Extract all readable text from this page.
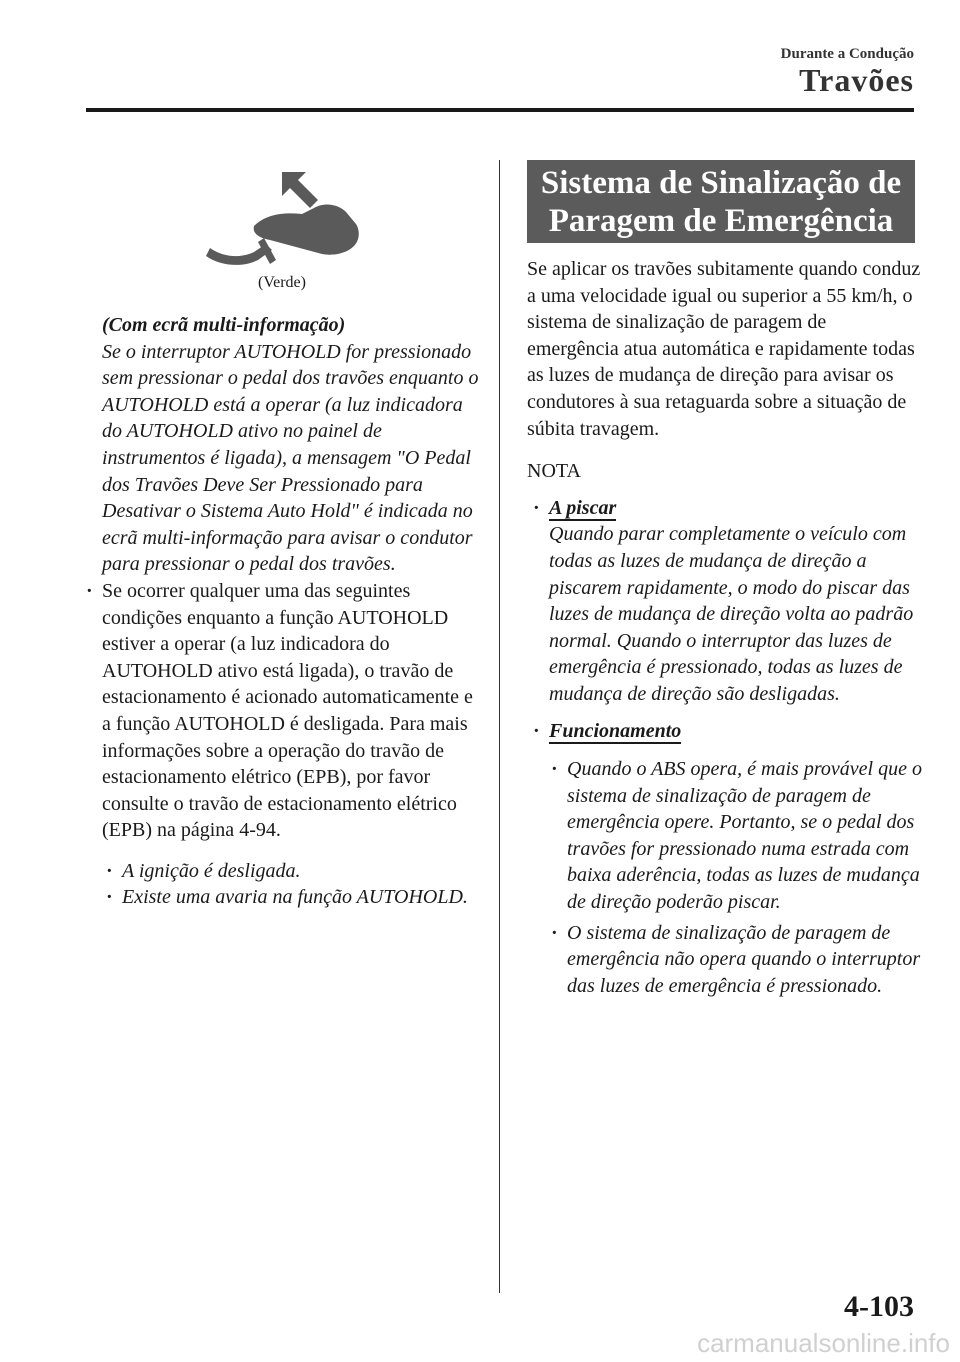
Durante a Condução
Travões
(Verde)

(Com ecrã multi-informação)

Se o interruptor AUTOHOLD for pressionado sem pressionar o pedal dos travões enquanto o AUTOHOLD está a operar (a luz indicadora do AUTOHOLD ativo no painel de instrumentos é ligada), a mensagem "O Pedal dos Travões Deve Ser Pressionado para Desativar o Sistema Auto Hold" é indicada no ecrã multi-informação para avisar o condutor para pressionar o pedal dos travões.

· Se ocorrer qualquer uma das seguintes condições enquanto a função AUTOHOLD estiver a operar (a luz indicadora do AUTOHOLD ativo está ligada), o travão de estacionamento é acionado automaticamente e a função AUTOHOLD é desligada. Para mais informações sobre a operação do travão de estacionamento elétrico (EPB), por favor consulte o travão de estacionamento elétrico (EPB) na página 4-94.

· A ignição é desligada.

· Existe uma avaria na função AUTOHOLD.

Sistema de Sinalização de
Paragem de Emergência

Se aplicar os travões subitamente quando conduz a uma velocidade igual ou superior a 55 km/h, o sistema de sinalização de paragem de emergência atua automática e rapidamente todas as luzes de mudança de direção para avisar os condutores à sua retaguarda sobre a situação de súbita travagem.

NOTA

· A piscar

Quando parar completamente o veículo com todas as luzes de mudança de direção a piscarem rapidamente, o modo do piscar das luzes de mudança de direção volta ao padrão normal. Quando o interruptor das luzes de emergência é pressionado, todas as luzes de mudança de direção são desligadas.

· Funcionamento
· Quando o ABS opera, é mais provável que o sistema de sinalização de paragem de emergência opere. Portanto, se o pedal dos travões for pressionado numa estrada com baixa aderência, todas as luzes de mudança de direção poderão piscar.

· O sistema de sinalização de paragem de emergência não opera quando o interruptor das luzes de emergência é pressionado.

4-103
carmanualsonline.info
